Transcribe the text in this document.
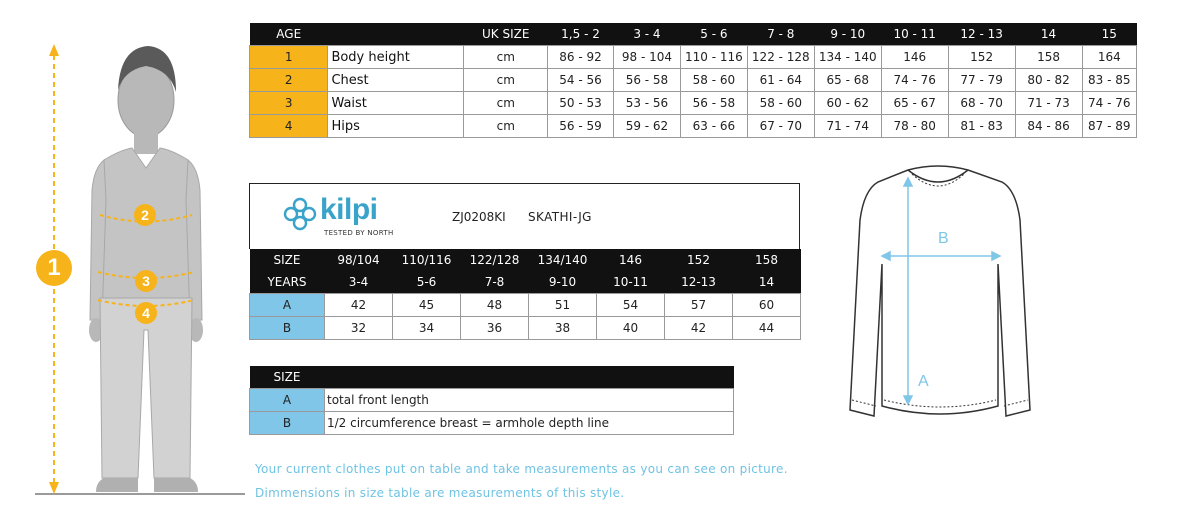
1
2
3
4
AGE		UK SIZE	1,5 - 2	3 - 4	5 - 6	7 - 8	9 - 10	10 - 11	12 - 13	14	15
1	Body height	cm	86 - 92	98 - 104	110 - 116	122 - 128	134 - 140	146	152	158	164
2	Chest	cm	54 - 56	56 - 58	58 - 60	61 - 64	65 - 68	74 - 76	77 - 79	80 - 82	83 - 85
3	Waist	cm	50 - 53	53 - 56	56 - 58	58 - 60	60 - 62	65 - 67	68 - 70	71 - 73	74 - 76
4	Hips	cm	56 - 59	59 - 62	63 - 66	67 - 70	71 - 74	78 - 80	81 - 83	84 - 86	87 - 89
kilpi
TESTED BY NORTH
ZJ0208KI SKATHI-JG
SIZE	98/104	110/116	122/128	134/140	146	152	158
YEARS	3-4	5-6	7-8	9-10	10-11	12-13	14
A	42	45	48	51	54	57	60
B	32	34	36	38	40	42	44
SIZE	
A	total front length
B	1/2 circumference breast = armhole depth line
B
A
Your current clothes put on table and take measurements as you can see on picture.
Dimmensions in size table are measurements of this style.
